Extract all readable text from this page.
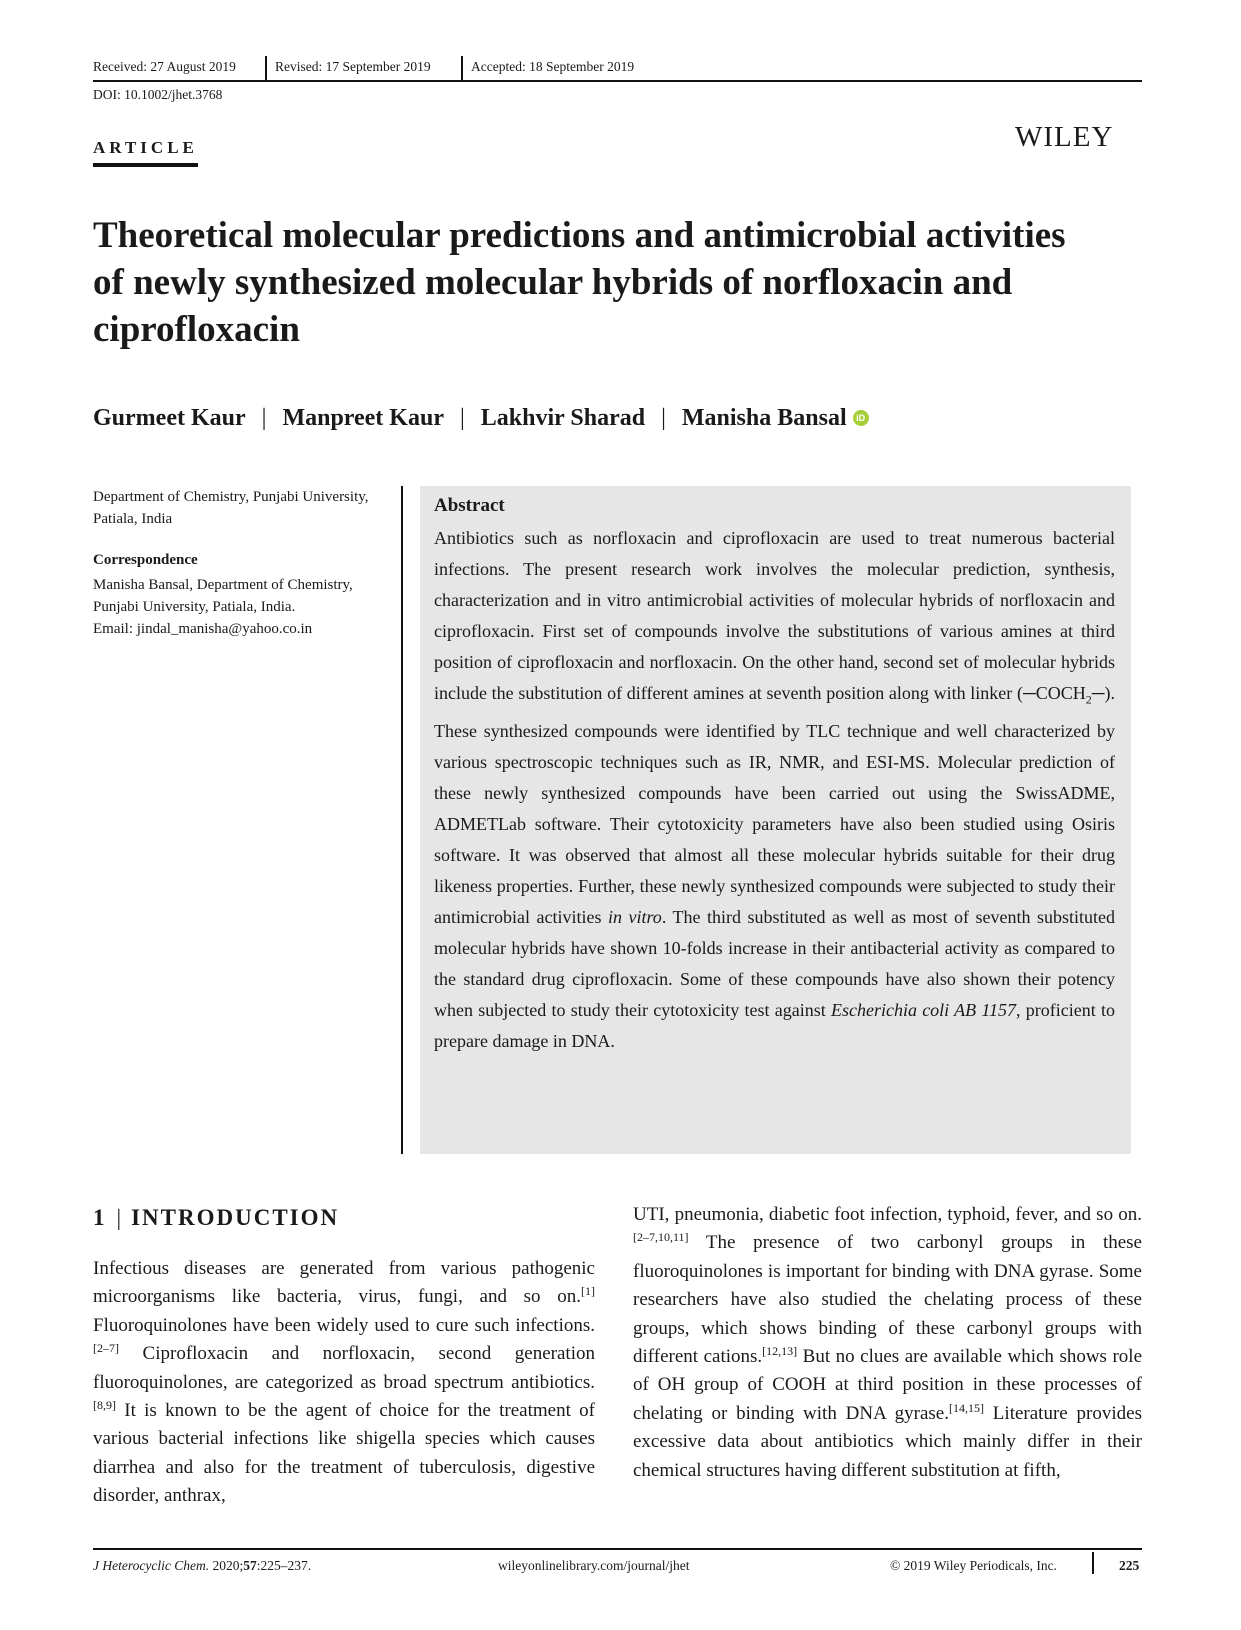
Received: 27 August 2019	Revised: 17 September 2019	Accepted: 18 September 2019
DOI: 10.1002/jhet.3768
ARTICLE	WILEY
Theoretical molecular predictions and antimicrobial activities of newly synthesized molecular hybrids of norfloxacin and ciprofloxacin
Gurmeet Kaur | Manpreet Kaur | Lakhvir Sharad | Manisha Bansal iD
Department of Chemistry, Punjabi University, Patiala, India
Correspondence
Manisha Bansal, Department of Chemistry, Punjabi University, Patiala, India.
Email: jindal_manisha@yahoo.co.in
Abstract

Antibiotics such as norfloxacin and ciprofloxacin are used to treat numerous bacterial infections. The present research work involves the molecular prediction, synthesis, characterization and in vitro antimicrobial activities of molecular hybrids of norfloxacin and ciprofloxacin. First set of compounds involve the substitutions of various amines at third position of ciprofloxacin and norfloxacin. On the other hand, second set of molecular hybrids include the substitution of different amines at seventh position along with linker $(─COCH_2─)$. These synthesized compounds were identified by TLC technique and well characterized by various spectroscopic techniques such as IR, NMR, and ESI-MS. Molecular prediction of these newly synthesized compounds have been carried out using the SwissADME, ADMETLab software. Their cytotoxicity parameters have also been studied using Osiris software. It was observed that almost all these molecular hybrids suitable for their drug likeness properties. Further, these newly synthesized compounds were subjected to study their antimicrobial activities in vitro. The third substituted as well as most of seventh substituted molecular hybrids have shown 10-folds increase in their antibacterial activity as compared to the standard drug ciprofloxacin. Some of these compounds have also shown their potency when subjected to study their cytotoxicity test against Escherichia coli AB 1157, proficient to prepare damage in DNA.

1 | INTRODUCTION

Infectious diseases are generated from various pathogenic microorganisms like bacteria, virus, fungi, and so on.[1] Fluoroquinolones have been widely used to cure such infections.[2–7] Ciprofloxacin and norfloxacin, second generation fluoroquinolones, are categorized as broad spectrum antibiotics.[8,9] It is known to be the agent of choice for the treatment of various bacterial infections like shigella species which causes diarrhea and also for the treatment of tuberculosis, digestive disorder, anthrax,

UTI, pneumonia, diabetic foot infection, typhoid, fever, and so on.[2–7,10,11] The presence of two carbonyl groups in these fluoroquinolones is important for binding with DNA gyrase. Some researchers have also studied the chelating process of these groups, which shows binding of these carbonyl groups with different cations.[12,13] But no clues are available which shows role of OH group of COOH at third position in these processes of chelating or binding with DNA gyrase.[14,15] Literature provides excessive data about antibiotics which mainly differ in their chemical structures having different substitution at fifth,

J Heterocyclic Chem. 2020;57:225–237.	wileyonlinelibrary.com/journal/jhet	© 2019 Wiley Periodicals, Inc.	225
